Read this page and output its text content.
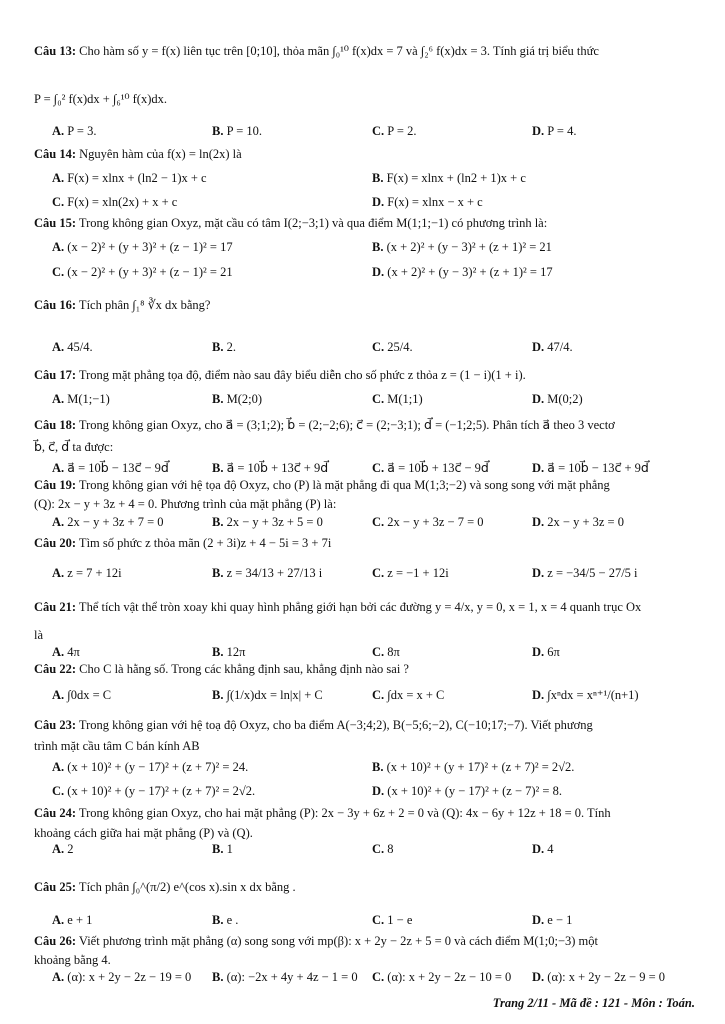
Câu 13: Cho hàm số y = f(x) liên tục trên [0;10], thỏa mãn ∫₀¹⁰ f(x)dx = 7 và ∫₂⁶ f(x)dx = 3. Tính giá trị biểu thức
P = ∫₀² f(x)dx + ∫₆¹⁰ f(x)dx.
A. P = 3.	B. P = 10.	C. P = 2.	D. P = 4.
Câu 14: Nguyên hàm của f(x) = ln(2x) là
A. F(x) = xlnx + (ln2 − 1)x + c	B. F(x) = xlnx + (ln2 + 1)x + c
C. F(x) = xln(2x) + x + c	D. F(x) = xlnx − x + c
Câu 15: Trong không gian Oxyz, mặt cầu có tâm I(2;−3;1) và qua điểm M(1;1;−1) có phương trình là:
A. (x − 2)² + (y + 3)² + (z − 1)² = 17	B. (x + 2)² + (y − 3)² + (z + 1)² = 21
C. (x − 2)² + (y + 3)² + (z − 1)² = 21	D. (x + 2)² + (y − 3)² + (z + 1)² = 17
Câu 16: Tích phân ∫₁⁸ ∛x dx bằng?
A. 45/4.	B. 2.	C. 25/4.	D. 47/4.
Câu 17: Trong mặt phẳng tọa độ, điểm nào sau đây biểu diễn cho số phức z thỏa z = (1 − i)(1 + i).
A. M(1;−1)	B. M(2;0)	C. M(1;1)	D. M(0;2)
Câu 18: Trong không gian Oxyz, cho a⃗ = (3;1;2); b⃗ = (2;−2;6); c⃗ = (2;−3;1); d⃗ = (−1;2;5). Phân tích a⃗ theo 3 vectơ
b⃗, c⃗, d⃗ ta được:
A. a⃗ = 10b⃗ − 13c⃗ − 9d⃗	B. a⃗ = 10b⃗ + 13c⃗ + 9d⃗	C. a⃗ = 10b⃗ + 13c⃗ − 9d⃗	D. a⃗ = 10b⃗ − 13c⃗ + 9d⃗
Câu 19: Trong không gian với hệ tọa độ Oxyz, cho (P) là mặt phẳng đi qua M(1;3;−2) và song song với mặt phẳng
(Q): 2x − y + 3z + 4 = 0. Phương trình của mặt phẳng (P) là:
A. 2x − y + 3z + 7 = 0	B. 2x − y + 3z + 5 = 0	C. 2x − y + 3z − 7 = 0	D. 2x − y + 3z = 0
Câu 20: Tìm số phức z thỏa mãn (2 + 3i)z + 4 − 5i = 3 + 7i
A. z = 7 + 12i	B. z = 34/13 + 27/13 i	C. z = −1 + 12i	D. z = −34/5 − 27/5 i
Câu 21: Thể tích vật thể tròn xoay khi quay hình phẳng giới hạn bởi các đường y = 4/x, y = 0, x = 1, x = 4 quanh trục Ox
là
A. 4π	B. 12π	C. 8π	D. 6π
Câu 22: Cho C là hằng số. Trong các khẳng định sau, khẳng định nào sai ?
A. ∫0dx = C	B. ∫(1/x)dx = ln|x| + C	C. ∫dx = x + C	D. ∫xⁿdx = xⁿ⁺¹/(n+1)
Câu 23: Trong không gian với hệ toạ độ Oxyz, cho ba điểm A(−3;4;2), B(−5;6;−2), C(−10;17;−7). Viết phương
trình mặt cầu tâm C bán kính AB
A. (x + 10)² + (y − 17)² + (z + 7)² = 24.	B. (x + 10)² + (y + 17)² + (z + 7)² = 2√2.
C. (x + 10)² + (y − 17)² + (z + 7)² = 2√2.	D. (x + 10)² + (y − 17)² + (z − 7)² = 8.
Câu 24: Trong không gian Oxyz, cho hai mặt phẳng (P): 2x − 3y + 6z + 2 = 0 và (Q): 4x − 6y + 12z + 18 = 0. Tính
khoảng cách giữa hai mặt phẳng (P) và (Q).
A. 2	B. 1	C. 8	D. 4
Câu 25: Tích phân ∫₀^(π/2) e^(cos x).sin x dx bằng .
A. e + 1	B. e .	C. 1 − e	D. e − 1
Câu 26: Viết phương trình mặt phẳng (α) song song với mp(β): x + 2y − 2z + 5 = 0 và cách điểm M(1;0;−3) một
khoảng bằng 4.
A. (α): x + 2y − 2z − 19 = 0 B. (α): −2x + 4y + 4z − 1 = 0 C. (α): x + 2y − 2z − 10 = 0 D. (α): x + 2y − 2z − 9 = 0
Trang 2/11 - Mã đề : 121 - Môn : Toán.
